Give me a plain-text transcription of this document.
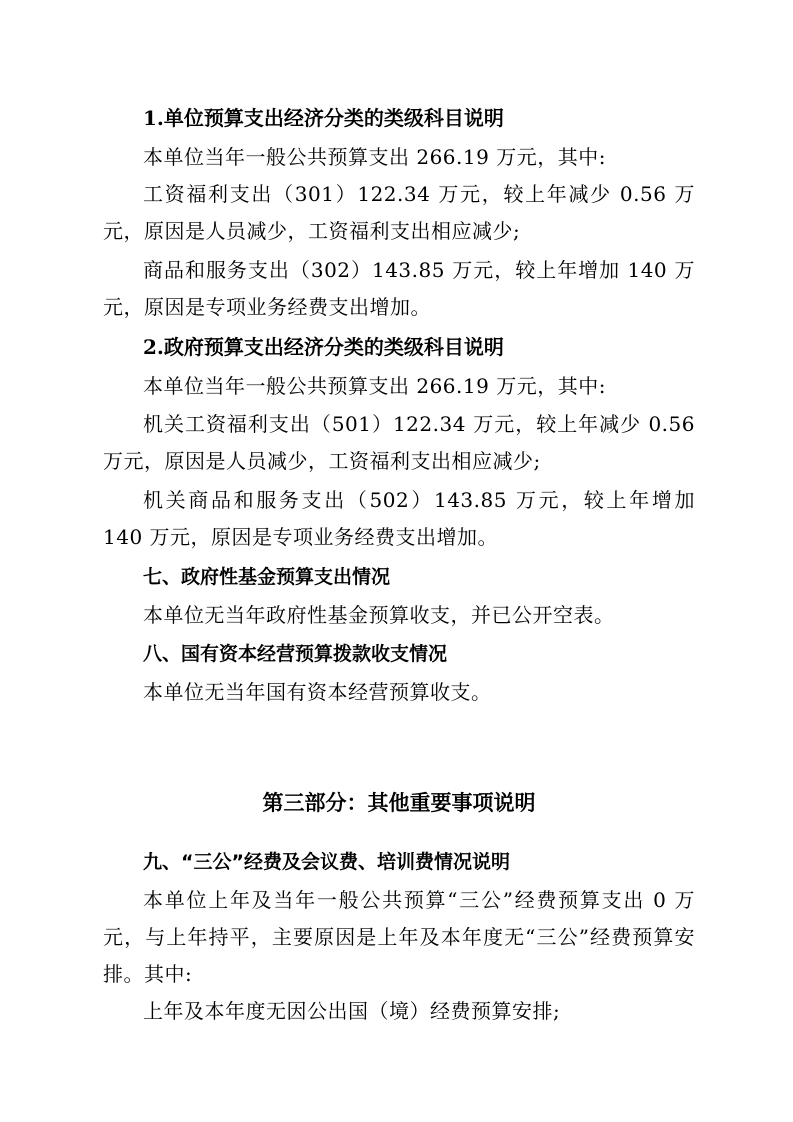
1.单位预算支出经济分类的类级科目说明
本单位当年一般公共预算支出 266.19 万元，其中:
工资福利支出（301）122.34 万元，较上年减少 0.56 万元，原因是人员减少，工资福利支出相应减少;
商品和服务支出（302）143.85 万元，较上年增加 140 万元，原因是专项业务经费支出增加。
2.政府预算支出经济分类的类级科目说明
本单位当年一般公共预算支出 266.19 万元，其中:
机关工资福利支出（501）122.34 万元，较上年减少 0.56 万元，原因是人员减少，工资福利支出相应减少;
机关商品和服务支出（502）143.85 万元，较上年增加 140 万元，原因是专项业务经费支出增加。
七、政府性基金预算支出情况
本单位无当年政府性基金预算收支，并已公开空表。
八、国有资本经营预算拨款收支情况
本单位无当年国有资本经营预算收支。
第三部分：其他重要事项说明
九、“三公”经费及会议费、培训费情况说明
本单位上年及当年一般公共预算“三公”经费预算支出 0 万元，与上年持平，主要原因是上年及本年度无“三公”经费预算安排。其中:
上年及本年度无因公出国（境）经费预算安排;
